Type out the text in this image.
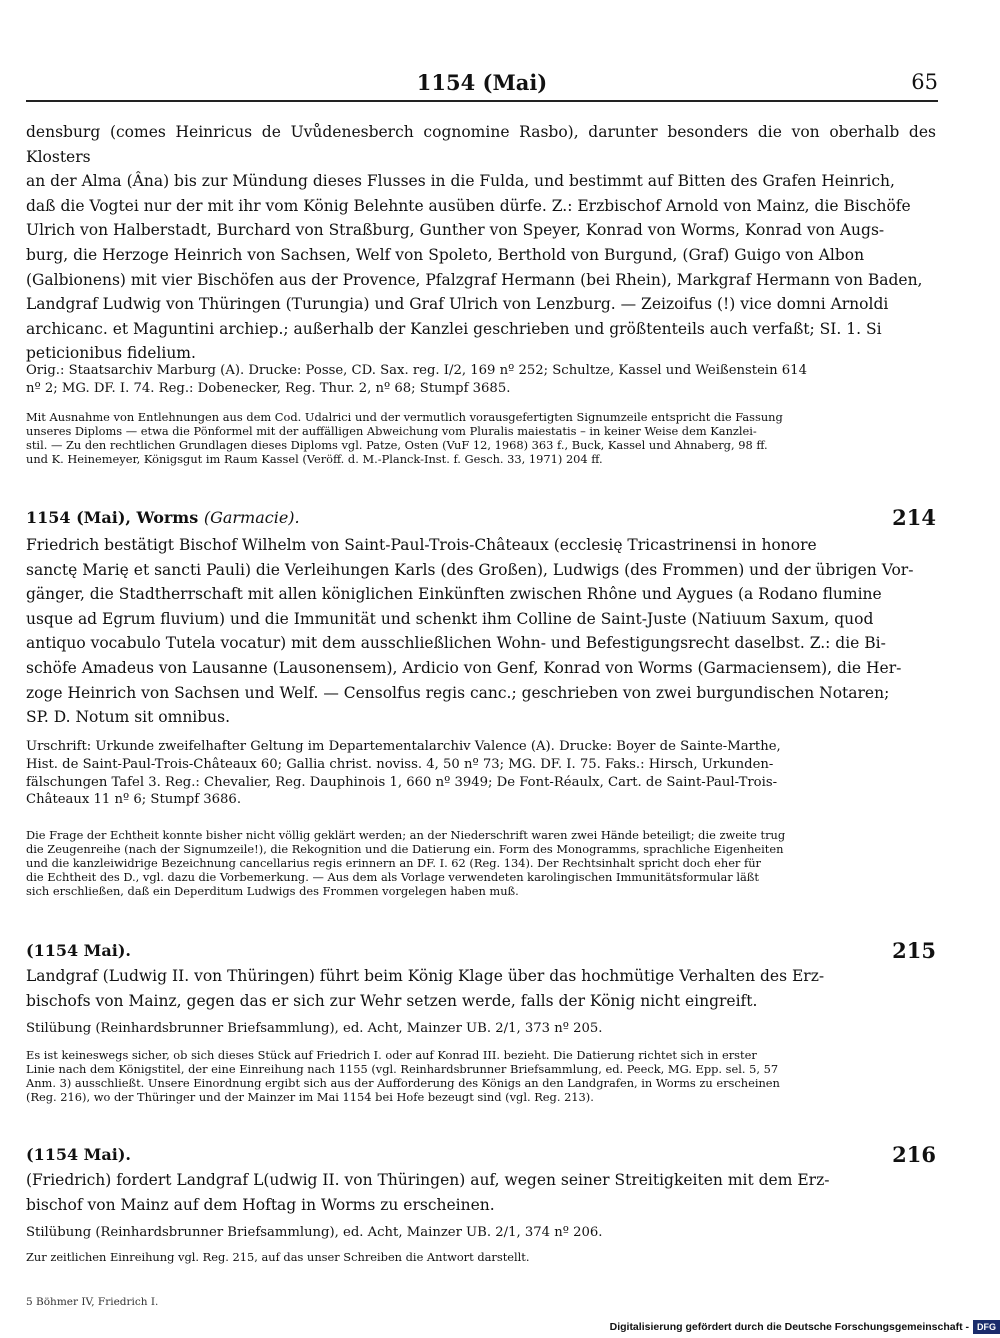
1154 (Mai)	65
densburg (comes Heinricus de Uvůdenesberch cognomine Rasbo), darunter besonders die von oberhalb des Klosters
an der Alma (Âna) bis zur Mündung dieses Flusses in die Fulda, und bestimmt auf Bitten des Grafen Heinrich,
daß die Vogtei nur der mit ihr vom König Belehnte ausüben dürfe. Z.: Erzbischof Arnold von Mainz, die Bischöfe
Ulrich von Halberstadt, Burchard von Straßburg, Gunther von Speyer, Konrad von Worms, Konrad von Augs-
burg, die Herzoge Heinrich von Sachsen, Welf von Spoleto, Berthold von Burgund, (Graf) Guigo von Albon
(Galbionens) mit vier Bischöfen aus der Provence, Pfalzgraf Hermann (bei Rhein), Markgraf Hermann von Baden,
Landgraf Ludwig von Thüringen (Turungia) und Graf Ulrich von Lenzburg. — Zeizoifus (!) vice domni Arnoldi
archicanc. et Maguntini archiep.; außerhalb der Kanzlei geschrieben und größtenteils auch verfaßt; SI. 1. Si
peticionibus fidelium.
Orig.: Staatsarchiv Marburg (A). Drucke: Posse, CD. Sax. reg. I/2, 169 nº 252; Schultze, Kassel und Weißenstein 614
nº 2; MG. DF. I. 74. Reg.: Dobenecker, Reg. Thur. 2, nº 68; Stumpf 3685.
Mit Ausnahme von Entlehnungen aus dem Cod. Udalrici und der vermutlich vorausgefertigten Signumzeile entspricht die Fassung
unseres Diploms — etwa die Pönformel mit der auffälligen Abweichung vom Pluralis maiestatis – in keiner Weise dem Kanzlei-
stil. — Zu den rechtlichen Grundlagen dieses Diploms vgl. Patze, Osten (VuF 12, 1968) 363 f., Buck, Kassel und Ahnaberg, 98 ff.
und K. Heinemeyer, Königsgut im Raum Kassel (Veröff. d. M.-Planck-Inst. f. Gesch. 33, 1971) 204 ff.
1154 (Mai), Worms (Garmacie).	214
Friedrich bestätigt Bischof Wilhelm von Saint-Paul-Trois-Châteaux (ecclesię Tricastrinensi in honore
sanctę Marię et sancti Pauli) die Verleihungen Karls (des Großen), Ludwigs (des Frommen) und der übrigen Vor-
gänger, die Stadtherrschaft mit allen königlichen Einkünften zwischen Rhône und Aygues (a Rodano flumine
usque ad Egrum fluvium) und die Immunität und schenkt ihm Colline de Saint-Juste (Natiuum Saxum, quod
antiquo vocabulo Tutela vocatur) mit dem ausschließlichen Wohn- und Befestigungsrecht daselbst. Z.: die Bi-
schöfe Amadeus von Lausanne (Lausonensem), Ardicio von Genf, Konrad von Worms (Garmaciensem), die Her-
zoge Heinrich von Sachsen und Welf. — Censolfus regis canc.; geschrieben von zwei burgundischen Notaren;
SP. D. Notum sit omnibus.
Urschrift: Urkunde zweifelhafter Geltung im Departementalarchiv Valence (A). Drucke: Boyer de Sainte-Marthe,
Hist. de Saint-Paul-Trois-Châteaux 60; Gallia christ. noviss. 4, 50 nº 73; MG. DF. I. 75. Faks.: Hirsch, Urkunden-
fälschungen Tafel 3. Reg.: Chevalier, Reg. Dauphinois 1, 660 nº 3949; De Font-Réaulx, Cart. de Saint-Paul-Trois-
Châteaux 11 nº 6; Stumpf 3686.
Die Frage der Echtheit konnte bisher nicht völlig geklärt werden; an der Niederschrift waren zwei Hände beteiligt; die zweite trug
die Zeugenreihe (nach der Signumzeile!), die Rekognition und die Datierung ein. Form des Monogramms, sprachliche Eigenheiten
und die kanzleiwidrige Bezeichnung cancellarius regis erinnern an DF. I. 62 (Reg. 134). Der Rechtsinhalt spricht doch eher für
die Echtheit des D., vgl. dazu die Vorbemerkung. — Aus dem als Vorlage verwendeten karolingischen Immunitätsformular läßt
sich erschließen, daß ein Deperditum Ludwigs des Frommen vorgelegen haben muß.
(1154 Mai).	215
Landgraf (Ludwig II. von Thüringen) führt beim König Klage über das hochmütige Verhalten des Erz-
bischofs von Mainz, gegen das er sich zur Wehr setzen werde, falls der König nicht eingreift.
Stilübung (Reinhardsbrunner Briefsammlung), ed. Acht, Mainzer UB. 2/1, 373 nº 205.
Es ist keineswegs sicher, ob sich dieses Stück auf Friedrich I. oder auf Konrad III. bezieht. Die Datierung richtet sich in erster
Linie nach dem Königstitel, der eine Einreihung nach 1155 (vgl. Reinhardsbrunner Briefsammlung, ed. Peeck, MG. Epp. sel. 5, 57
Anm. 3) ausschließt. Unsere Einordnung ergibt sich aus der Aufforderung des Königs an den Landgrafen, in Worms zu erscheinen
(Reg. 216), wo der Thüringer und der Mainzer im Mai 1154 bei Hofe bezeugt sind (vgl. Reg. 213).
(1154 Mai).	216
(Friedrich) fordert Landgraf L(udwig II. von Thüringen) auf, wegen seiner Streitigkeiten mit dem Erz-
bischof von Mainz auf dem Hoftag in Worms zu erscheinen.
Stilübung (Reinhardsbrunner Briefsammlung), ed. Acht, Mainzer UB. 2/1, 374 nº 206.
Zur zeitlichen Einreihung vgl. Reg. 215, auf das unser Schreiben die Antwort darstellt.
5 Böhmer IV, Friedrich I.
Digitalisierung gefördert durch die Deutsche Forschungsgemeinschaft - DFG
